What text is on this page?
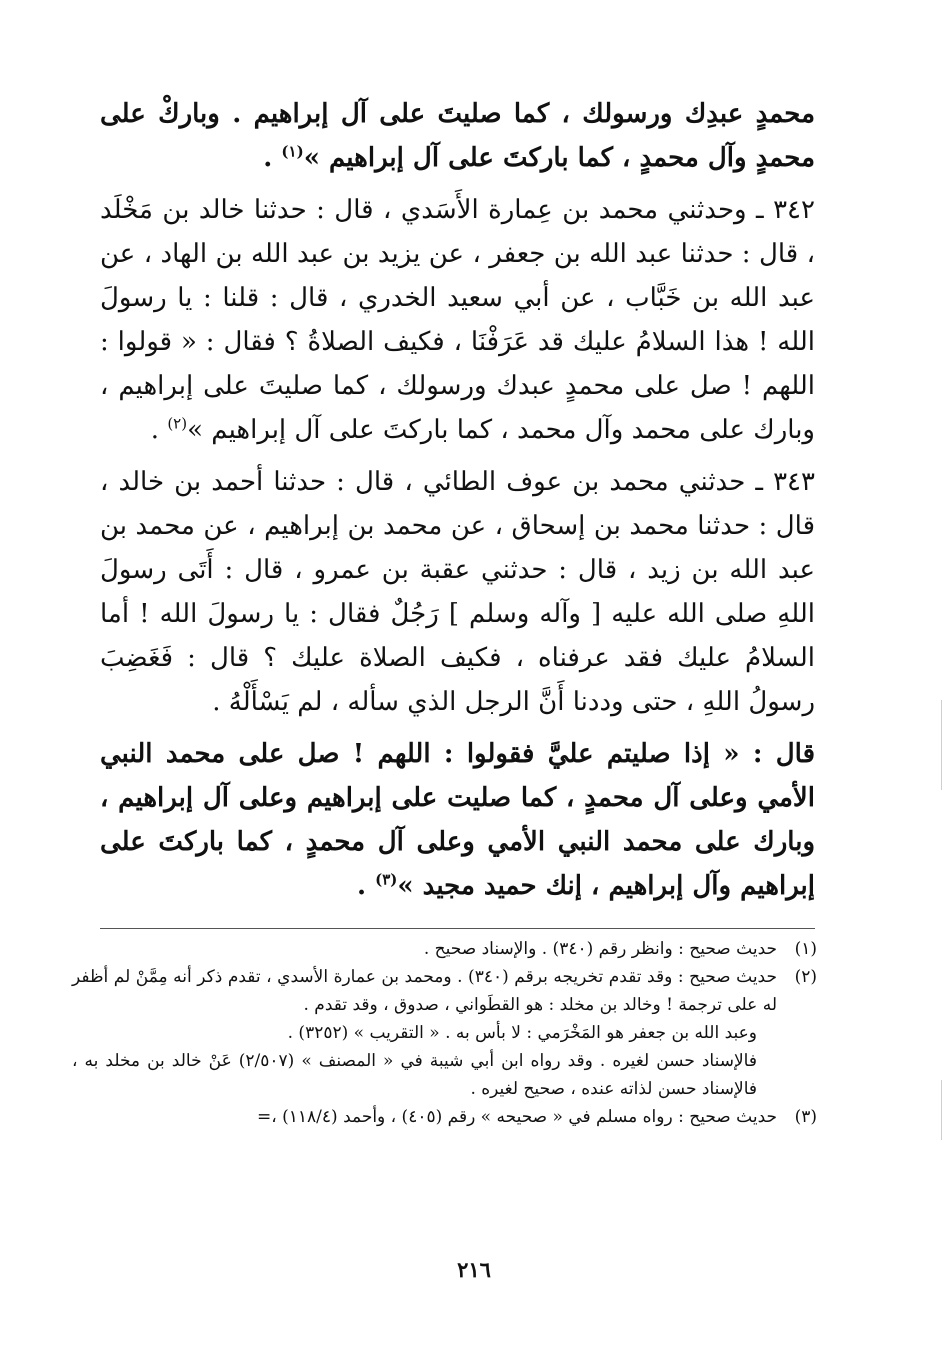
محمدٍ عبدِك ورسولك ، كما صليتَ على آل إبراهيم . وباركْ على محمدٍ وآل محمدٍ ، كما باركتَ على آل إبراهيم »$^{(١)}$ .

٣٤٢ ـ وحدثني محمد بن عِمارة الأَسَدي ، قال : حدثنا خالد بن مَخْلَد ، قال : حدثنا عبد الله بن جعفر ، عن يزيد بن عبد الله بن الهاد ، عن عبد الله بن خَبَّاب ، عن أبي سعيد الخدري ، قال : قلنا : يا رسولَ الله ! هذا السلامُ عليك قد عَرَفْنَا ، فكيف الصلاةُ ؟ فقال : « قولوا : اللهم ! صل على محمدٍ عبدك ورسولك ، كما صليتَ على إبراهيم ، وبارك على محمد وآل محمد ، كما باركتَ على آل إبراهيم »$^{(٢)}$ .

٣٤٣ ـ حدثني محمد بن عوف الطائي ، قال : حدثنا أحمد بن خالد ، قال : حدثنا محمد بن إسحاق ، عن محمد بن إبراهيم ، عن محمد بن عبد الله بن زيد ، قال : حدثني عقبة بن عمرو ، قال : أَتَى رسولَ اللهِ صلى الله عليه [ وآله وسلم ] رَجُلٌ فقال : يا رسولَ الله ! أما السلامُ عليك فقد عرفناه ، فكيف الصلاة عليك ؟ قال : فَغَضِبَ رسولُ اللهِ ، حتى وددنا أَنَّ الرجل الذي سأله ، لم يَسْأَلْهُ .

قال : « إذا صليتم عليَّ فقولوا : اللهم ! صل على محمد النبي الأمي وعلى آل محمدٍ ، كما صليت على إبراهيم وعلى آل إبراهيم ، وبارك على محمد النبي الأمي وعلى آل محمدٍ ، كما باركتَ على إبراهيم وآل إبراهيم ، إنك حميد مجيد »$^{(٣)}$ .

(١)
حديث صحيح : وانظر رقم (٣٤٠) . والإسناد صحيح .
(٢)
حديث صحيح : وقد تقدم تخريجه برقم (٣٤٠) . ومحمد بن عمارة الأسدي ، تقدم ذكر أنه مِمَّنْ لم أظفر له على ترجمة ! وخالد بن مخلد : هو القطَواني ، صدوق ، وقد تقدم .
وعبد الله بن جعفر هو المَخْرَمي : لا بأس به . « التقريب » (٣٢٥٢) .
فالإسناد حسن لغيره . وقد رواه ابن أبي شيبة في « المصنف » (٢/٥٠٧) عَنْ خالد بن مخلد به ، فالإسناد حسن لذاته عنده ، صحيح لغيره .
(٣)
حديث صحيح : رواه مسلم في « صحيحه » رقم (٤٠٥) ، وأحمد (١١٨/٤) ،=
٢١٦
